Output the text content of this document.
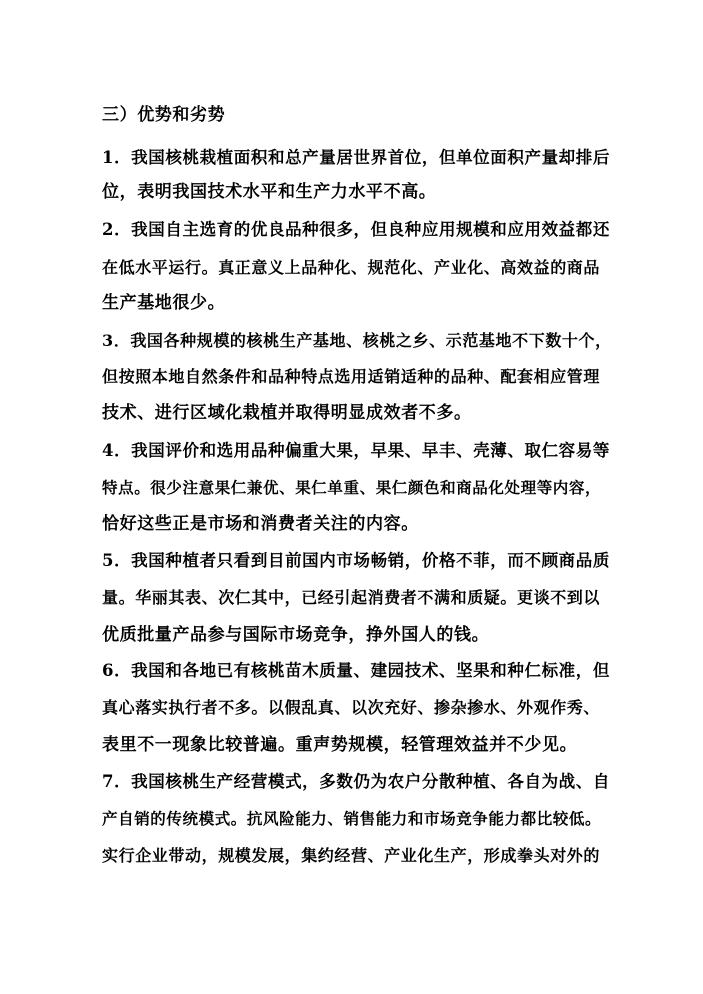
三）优势和劣势
1．我国核桃栽植面积和总产量居世界首位，但单位面积产量却排后
位，表明我国技术水平和生产力水平不高。
2．我国自主选育的优良品种很多，但良种应用规模和应用效益都还
在低水平运行。真正意义上品种化、规范化、产业化、高效益的商品
生产基地很少。
3．我国各种规模的核桃生产基地、核桃之乡、示范基地不下数十个，
但按照本地自然条件和品种特点选用适销适种的品种、配套相应管理
技术、进行区域化栽植并取得明显成效者不多。
4．我国评价和选用品种偏重大果，早果、早丰、壳薄、取仁容易等
特点。很少注意果仁兼优、果仁单重、果仁颜色和商品化处理等内容，
恰好这些正是市场和消费者关注的内容。
5．我国种植者只看到目前国内市场畅销，价格不菲，而不顾商品质
量。华丽其表、次仁其中，已经引起消费者不满和质疑。更谈不到以
优质批量产品参与国际市场竞争，挣外国人的钱。
6．我国和各地已有核桃苗木质量、建园技术、坚果和种仁标准，但
真心落实执行者不多。以假乱真、以次充好、掺杂掺水、外观作秀、
表里不一现象比较普遍。重声势规模，轻管理效益并不少见。
7．我国核桃生产经营模式，多数仍为农户分散种植、各自为战、自
产自销的传统模式。抗风险能力、销售能力和市场竞争能力都比较低。
实行企业带动，规模发展，集约经营、产业化生产，形成拳头对外的
